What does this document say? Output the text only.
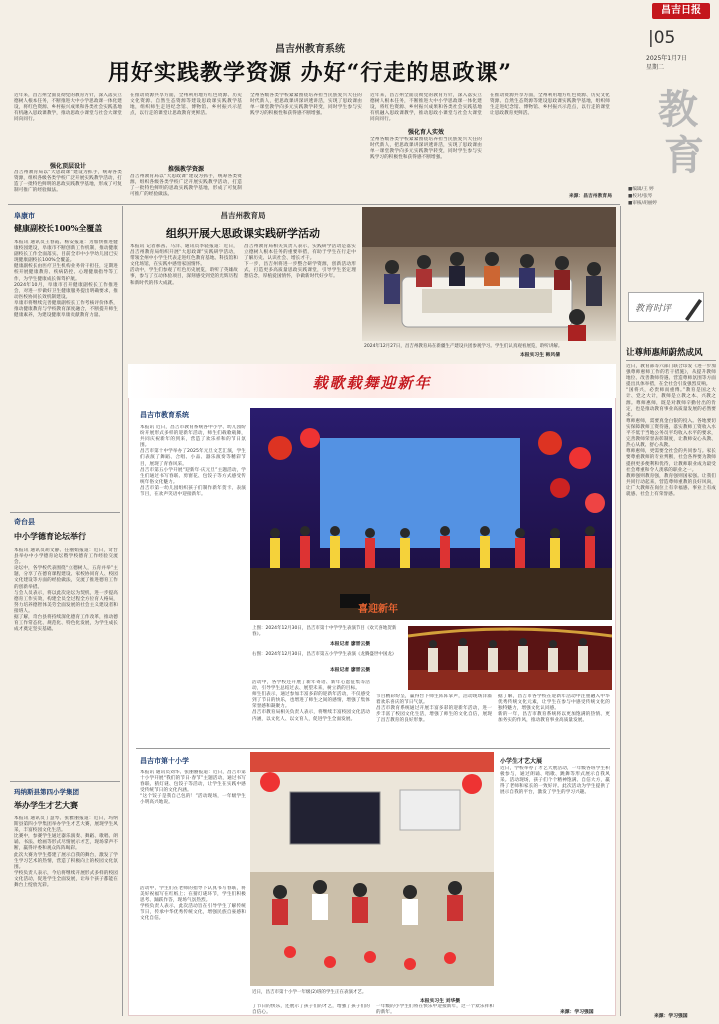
昌吉日报
|05
2025年1月7日
星期二
教
育
■编辑/王 婷
■校对/张琴
■审核/胡丽婷
昌吉州教育系统
用好实践教学资源 办好“行走的思政课”
近年来，昌吉州全面贯彻党的教育方针，深入落实立德树人根本任务，不断推进大中小学思政课一体化建设，将红色资源、乡村振兴成果和各类社会实践基地有机融入思政课教学，推动思政小课堂与社会大课堂同向同行。
强化顶层设计
昌吉州教育局以“大思政课”建设为抓手，统筹各类资源，组织各级各类学校广泛开展实践教学活动，打造了一批特色鲜明的思政实践教学基地，形成了可复制可推广的经验做法。
在推动资源共享方面，全州利用地方红色资源、历史文化资源、自然生态资源等建设思政课实践教学基地，组织师生走进纪念馆、博物馆、乡村振兴示范点，以行走的课堂让思政教育更鲜活。
推强教学资源
昌吉州教育局以“大思政课”建设为抓手，统筹各类资源，组织各级各类学校广泛开展实践教学活动，打造了一批特色鲜明的思政实践教学基地，形成了可复制可推广的经验做法。
全州各级各类学校紧紧围绕培养担当民族复兴大任的时代新人，把思政课讲深讲透讲活，实现了思政课由单一课堂教学向多元实践教学转变，同时学生参与实践学习的积极性和获得感不断增强。
近年来，昌吉州全面贯彻党的教育方针，深入落实立德树人根本任务，不断推进大中小学思政课一体化建设，将红色资源、乡村振兴成果和各类社会实践基地有机融入思政课教学，推动思政小课堂与社会大课堂同向同行。
强化育人实效
全州各级各类学校紧紧围绕培养担当民族复兴大任的时代新人，把思政课讲深讲透讲活，实现了思政课由单一课堂教学向多元实践教学转变，同时学生参与实践学习的积极性和获得感不断增强。
在推动资源共享方面，全州利用地方红色资源、历史文化资源、自然生态资源等建设思政课实践教学基地，组织师生走进纪念馆、博物馆、乡村振兴示范点，以行走的课堂让思政教育更鲜活。
来源：昌吉州教育局
阜康市
健康副校长100%全覆盖
本报讯 通讯员王春霞、杨安报道：为加快推进健康校园建设，阜康市不断创新工作机制，推动健康副校长工作全面落实。目前全市中小学幼儿园已实现健康副校长100%全覆盖。
健康副校长由医疗卫生机构业务骨干担任，定期进校开展健康教育、疾病防控、心理健康指导等工作，为学生健康成长保驾护航。
2024年10月，阜康市召开健康副校长工作推进会，对进一步做好卫生健康服务提出明确要求，推动医校协同长效机制建设。
阜康市将继续完善健康副校长工作考核评价体系，推动健康教育与学校教育深度融合，不断提升师生健康素养，为建设健康阜康贡献教育力量。
奇台县
中小学德育论坛举行
本报讯 通讯员胡文静、任丽娟报道：近日，奇台县举办中小学德育论坛暨学校德育工作经验交流会。
论坛中，各学校代表围绕“立德树人，五育并举”主题，分享了在德育课程建设、家校协同育人、校园文化建设等方面的经验做法，交流了推进德育工作的创新举措。
与会人员表示，将以此次论坛为契机，进一步提高德育工作实效，构建全员全过程全方位育人格局，努力培养德智体美劳全面发展的社会主义建设者和接班人。
据了解，奇台县将持续深化德育工作改革，推动德育工作常态化、规范化、特色化发展，为学生成长成才奠定坚实基础。
玛纳斯县第四小学集团
举办学生才艺大赛
本报讯 通讯员丁慧琴、张雅丽报道：近日，玛纳斯县第四小学集团举办学生才艺大赛，展现学生风采，丰富校园文化生活。
比赛中，参赛学生通过器乐演奏、舞蹈、歌唱、朗诵、书法、绘画等形式尽情展示才艺，现场掌声不断，赢得评委和观众阵阵喝彩。
此次大赛为学生搭建了展示自我的舞台，激发了学生学习艺术的热情，营造了积极向上的校园文化氛围。
学校负责人表示，今后将继续开展形式多样的校园文化活动，促进学生全面发展，让每个孩子都能在舞台上绽放光彩。
昌吉州教育局
组织开展大思政课实践研学活动
本报讯 记者郝茜、马洋、通讯员李骁报道：近日，昌吉州教育局组织开展“大思政课”实践研学活动，带领全州中小学生代表走进红色教育基地、科技馆和文化场馆，在实践中感悟家国情怀。
活动中，学生们参观了红色历史展览，聆听了英雄故事，参与了互动体验项目，深刻感受到党的光辉历程和新时代的伟大成就。
昌吉州教育局相关负责人表示，实践研学活动是落实立德树人根本任务的重要举措，有助于学生在行走中了解历史、认识社会、增长才干。
下一步，昌吉州将进一步整合研学资源，创新活动形式，打造更多高质量思政实践课堂，引导学生坚定理想信念，厚植爱国情怀，争做新时代好少年。
2024年12月27日，昌吉州教育局在新疆生产建设兵团参观学习。学生们认真观看展览，聆听讲解。
本报实习生 韩风倩
教育时评
让尊师惠师蔚然成风
近日，教育部等六部门联合印发《进一步加强尊师惠师工作的若干措施》，从提升教师地位、改善教师待遇、营造尊师氛围等方面提出具体举措，在全社会引发强烈反响。
“国将兴，必贵师而重傅。”教育是国之大计、党之大计，教师是立教之本、兴教之源。尊师惠师，既是对教师辛勤付出的肯定，也是推动教育事业高质量发展的必然要求。
尊师惠师，需要真金白银的投入。各地要切实保障教师工资待遇，落实教师工资收入水平不低于当地公务员平均收入水平的要求，完善教师荣誉表彰制度，让教师安心从教、热心从教、舒心从教。
尊师惠师，更需要全社会的共同参与。家长要尊重教师的专业判断，社会各界要为教师提供更多便利和优待，让教师职业成为最受社会尊重和令人羡慕的职业之一。
教师强则教育强，教育强则国家强。让我们共同行动起来，营造尊师重教的良好风尚，让广大教师在岗位上有幸福感、事业上有成就感、社会上有荣誉感。
来源：学习强国
载歌载舞迎新年
昌吉市教育系统
本报讯 近日，昌吉市教育系统各中小学、幼儿园纷纷开展形式多样的迎新年活动，师生们载歌载舞，共同庆祝新年的到来，营造了欢乐祥和的节日氛围。
昌吉市第十中学举办了2025年元旦文艺汇演，学生们表演了舞蹈、合唱、小品、器乐演奏等精彩节目，展现了青春风采。
昌吉市第五小学开展“迎新年·庆元旦”主题活动，学生们通过书写春联、剪窗花、包饺子等方式感受传统年俗文化魅力。
昌吉市第一幼儿园组织孩子们制作新年贺卡、表演节目，在欢声笑语中迎接新年。
喜迎新年
上图：2024年12月30日，昌吉市第十中学学生表演节目《欢天喜地贺新春》。
本报记者 廖晋云摄
右图：2024年12月30日，昌吉市第五小学学生表演《龙腾盛世中国龙》
本报记者 廖晋云摄
活动中，各学校还开展了新年寄语、新年心愿征集等活动，引导学生总结过去、展望未来，树立新的目标。
师生们表示，通过参加丰富多彩的迎新年活动，不仅感受到了节日的快乐，也增进了师生之间的感情，增强了集体荣誉感和凝聚力。
昌吉市教育局相关负责人表示，将继续丰富校园文化活动内涵，以文化人、以文育人，促进学生全面发展。
节目精彩纷呈，赢得台下师生阵阵掌声，活动现场洋溢着欢乐喜庆的节日气氛。
昌吉市教育系统通过开展丰富多彩的迎新年活动，进一步丰富了校园文化生活，增强了师生的文化自信，展现了昌吉教育的良好形象。
据了解，昌吉市各学校在迎新年活动中注重融入中华优秀传统文化元素，让学生在参与中感受传统文化的独特魅力，增强文化认同感。
新的一年，昌吉市教育系统将以更加饱满的热情、更加务实的作风，推动教育事业高质量发展。
昌吉市第十小学
本报讯 通讯员刘华、张丽丽报道：近日，昌吉市第十小学开展“我们的节日·春节”主题活动，通过书写春联、猜灯谜、包饺子等活动，让学生在实践中感受传统节日的文化内涵。
“这个饺子是我自己包的！”活动现场，一年级学生小明高兴地说。
活动中，学生们在老师的指导下认真书写春联，将美好祝福写在红纸上；在猜灯谜环节，学生们积极思考、踊跃作答，现场气氛热烈。
学校负责人表示，此次活动旨在引导学生了解传统节日，传承中华优秀传统文化，增强民族自豪感和文化自信。
近日，昌吉市第十小学一年级(2)班的学生正在表演才艺。
本报实习生 刘华摄
了节日的快乐，还展示了孩子们的才艺，增强了孩子们的自信心。
一年级的小学生们将在快乐中迎接新年，过一个欢乐祥和的新年。
小学生才艺大展
近日，学校举办了才艺大展活动，一年级各班学生积极参与，通过朗诵、唱歌、跳舞等形式展示自我风采。活动现场，孩子们个个精神饱满、自信大方，赢得了老师和家长的一致好评。此次活动为学生提供了展示自我的平台，激发了学生的学习兴趣。
来源：学习强国
